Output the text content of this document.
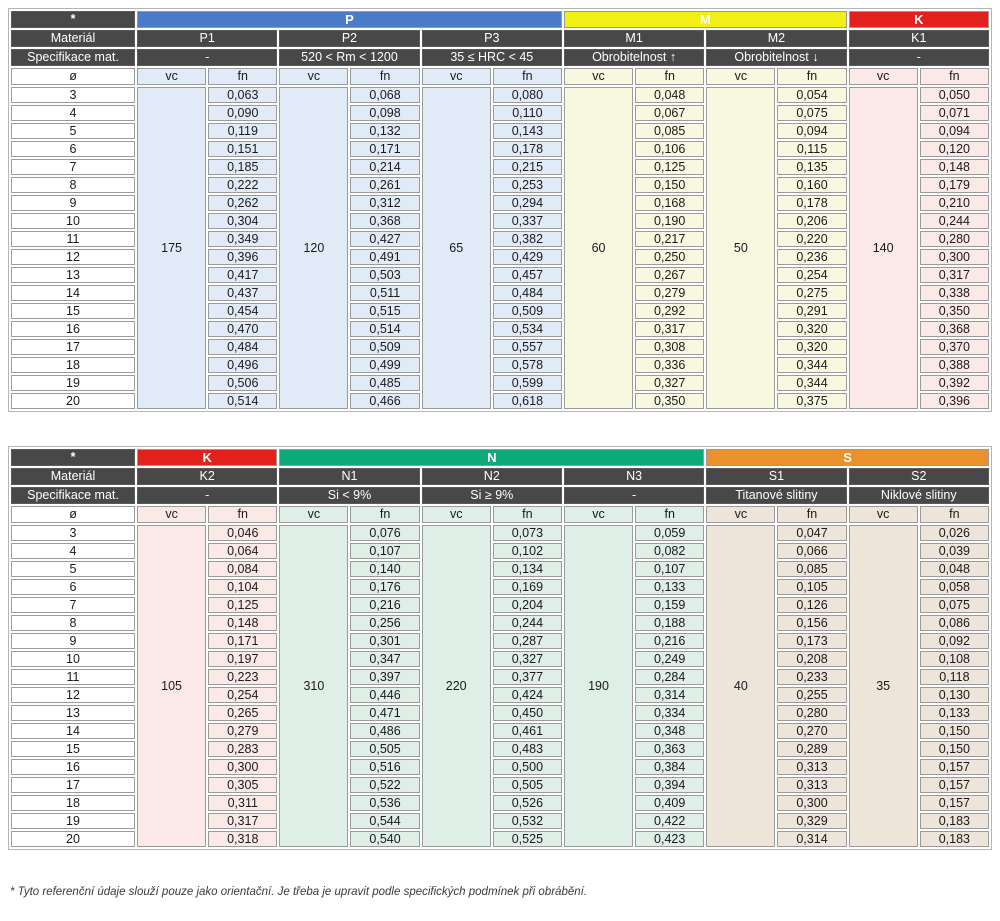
*	P						M				K	
Materiál	P1		P2		P3		M1		M2		K1	
Specifikace mat.	-		520 < Rm < 1200		35 ≤ HRC < 45		Obrobitelnost ↑		Obrobitelnost ↓		-	
ø	vc	fn	vc	fn	vc	fn	vc	fn	vc	fn	vc	fn
3	175	0,063	120	0,068	65	0,080	60	0,048	50	0,054	140	0,050
4		0,090		0,098		0,110		0,067		0,075		0,071
5		0,119		0,132		0,143		0,085		0,094		0,094
6		0,151		0,171		0,178		0,106		0,115		0,120
7		0,185		0,214		0,215		0,125		0,135		0,148
8		0,222		0,261		0,253		0,150		0,160		0,179
9		0,262		0,312		0,294		0,168		0,178		0,210
10		0,304		0,368		0,337		0,190		0,206		0,244
11		0,349		0,427		0,382		0,217		0,220		0,280
12		0,396		0,491		0,429		0,250		0,236		0,300
13		0,417		0,503		0,457		0,267		0,254		0,317
14		0,437		0,511		0,484		0,279		0,275		0,338
15		0,454		0,515		0,509		0,292		0,291		0,350
16		0,470		0,514		0,534		0,317		0,320		0,368
17		0,484		0,509		0,557		0,308		0,320		0,370
18		0,496		0,499		0,578		0,336		0,344		0,388
19		0,506		0,485		0,599		0,327		0,344		0,392
20		0,514		0,466		0,618		0,350		0,375		0,396
*	K		N						S			
Materiál	K2		N1		N2		N3		S1		S2	
Specifikace mat.	-		Si < 9%		Si ≥ 9%		-		Titanové slitiny		Niklové slitiny	
ø	vc	fn	vc	fn	vc	fn	vc	fn	vc	fn	vc	fn
3	105	0,046	310	0,076	220	0,073	190	0,059	40	0,047	35	0,026
4		0,064		0,107		0,102		0,082		0,066		0,039
5		0,084		0,140		0,134		0,107		0,085		0,048
6		0,104		0,176		0,169		0,133		0,105		0,058
7		0,125		0,216		0,204		0,159		0,126		0,075
8		0,148		0,256		0,244		0,188		0,156		0,086
9		0,171		0,301		0,287		0,216		0,173		0,092
10		0,197		0,347		0,327		0,249		0,208		0,108
11		0,223		0,397		0,377		0,284		0,233		0,118
12		0,254		0,446		0,424		0,314		0,255		0,130
13		0,265		0,471		0,450		0,334		0,280		0,133
14		0,279		0,486		0,461		0,348		0,270		0,150
15		0,283		0,505		0,483		0,363		0,289		0,150
16		0,300		0,516		0,500		0,384		0,313		0,157
17		0,305		0,522		0,505		0,394		0,313		0,157
18		0,311		0,536		0,526		0,409		0,300		0,157
19		0,317		0,544		0,532		0,422		0,329		0,183
20		0,318		0,540		0,525		0,423		0,314		0,183

* Tyto referenční údaje slouží pouze jako orientační. Je třeba je upravit podle specifických podmínek při obrábění.
